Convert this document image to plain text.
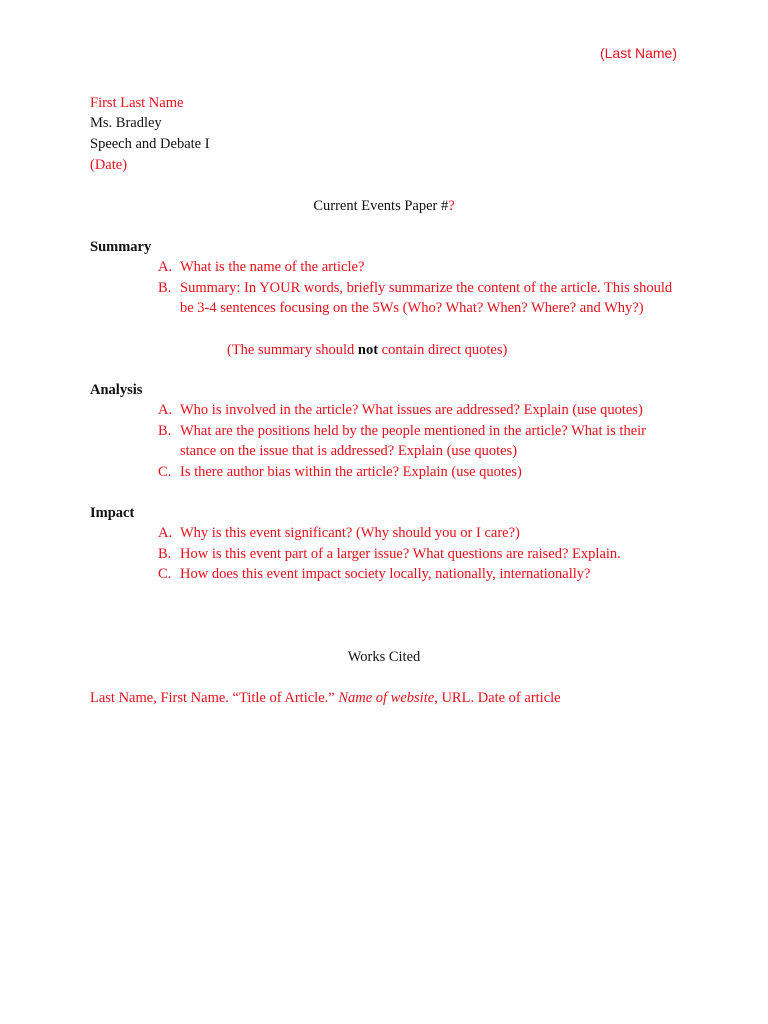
(Last Name)
First Last Name
Ms. Bradley
Speech and Debate I
(Date)
Current Events Paper #?
Summary
A. What is the name of the article?
B. Summary: In YOUR words, briefly summarize the content of the article. This should be 3-4 sentences focusing on the 5Ws (Who? What? When? Where? and Why?)
(The summary should not contain direct quotes)
Analysis
A. Who is involved in the article? What issues are addressed? Explain (use quotes)
B. What are the positions held by the people mentioned in the article? What is their stance on the issue that is addressed? Explain (use quotes)
C. Is there author bias within the article? Explain (use quotes)
Impact
A. Why is this event significant? (Why should you or I care?)
B. How is this event part of a larger issue? What questions are raised? Explain.
C. How does this event impact society locally, nationally, internationally?
Works Cited
Last Name, First Name. “Title of Article.” Name of website, URL. Date of article
